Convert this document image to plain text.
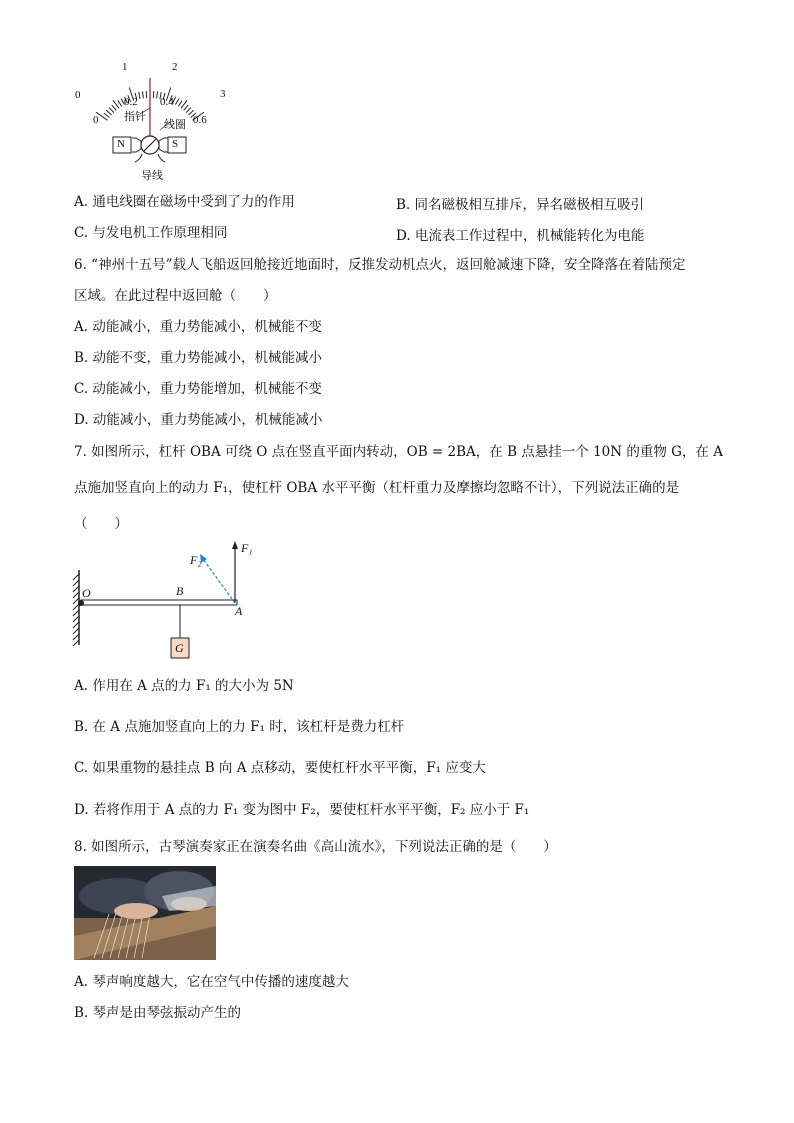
0
1	2
3
0
0.2 0.4
0.6
指针
线圈
导线
N	S
A. 通电线圈在磁场中受到了力的作用	B. 同名磁极相互排斥，异名磁极相互吸引
C. 与发电机工作原理相同	D. 电流表工作过程中，机械能转化为电能
6. “神州十五号”载人飞船返回舱接近地面时，反推发动机点火，返回舱减速下降，安全降落在着陆预定
区域。在此过程中返回舱（　　）
A. 动能减小，重力势能减小，机械能不变
B. 动能不变，重力势能减小，机械能减小
C. 动能减小，重力势能增加，机械能不变
D. 动能减小，重力势能减小，机械能减小
7. 如图所示，杠杆 OBA 可绕 O 点在竖直平面内转动，OB = 2BA，在 B 点悬挂一个 10N 的重物 G，在 A
点施加竖直向上的动力 F₁，使杠杆 OBA 水平平衡（杠杆重力及摩擦均忽略不计），下列说法正确的是
（　　）
O	B
A
G
F₁
F₂
A. 作用在 A 点的力 F₁ 的大小为 5N
B. 在 A 点施加竖直向上的力 F₁ 时，该杠杆是费力杠杆
C. 如果重物的悬挂点 B 向 A 点移动，要使杠杆水平平衡，F₁ 应变大
D. 若将作用于 A 点的力 F₁ 变为图中 F₂，要使杠杆水平平衡，F₂ 应小于 F₁
8. 如图所示，古琴演奏家正在演奏名曲《高山流水》，下列说法正确的是（　　）
A. 琴声响度越大，它在空气中传播的速度越大
B. 琴声是由琴弦振动产生的
